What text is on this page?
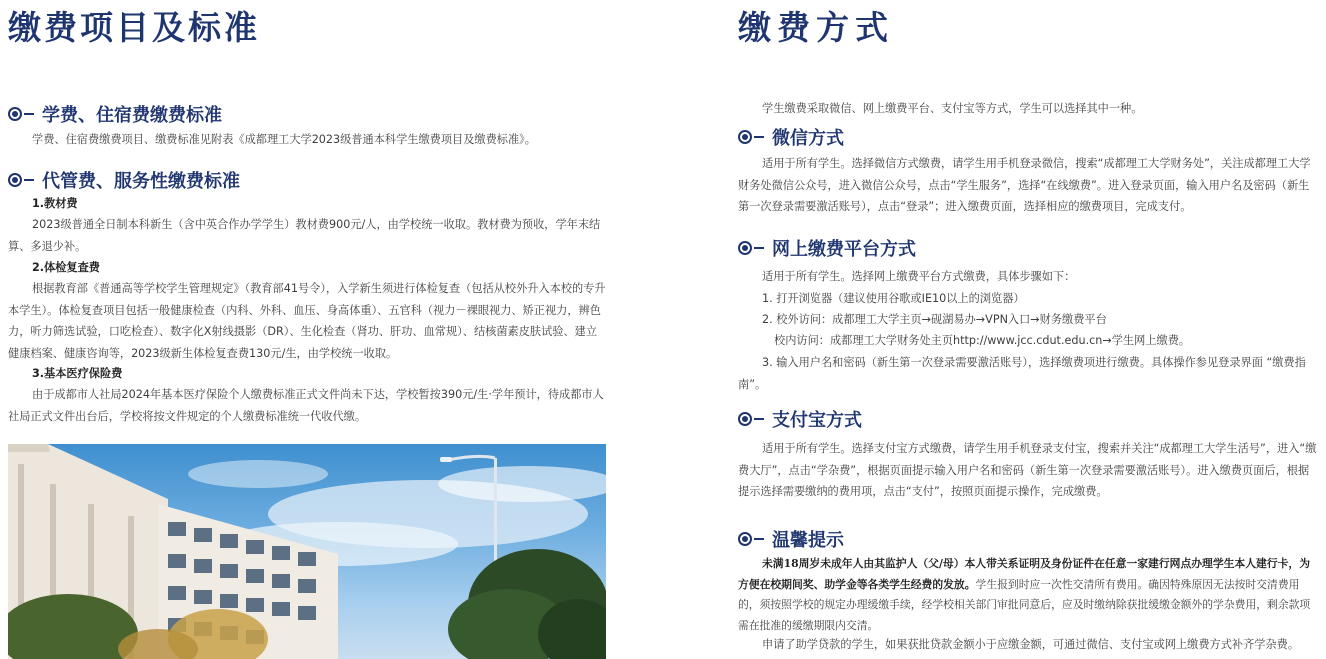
缴费项目及标准
学费、住宿费缴费标准
学费、住宿费缴费项目、缴费标准见附表《成都理工大学2023级普通本科学生缴费项目及缴费标准》。
代管费、服务性缴费标准
1.教材费
2023级普通全日制本科新生（含中英合作办学学生）教材费900元/人，由学校统一收取。教材费为预收，学年末结算、多退少补。
2.体检复查费
根据教育部《普通高等学校学生管理规定》（教育部41号令），入学新生须进行体检复查（包括从校外升入本校的专升本学生）。体检复查项目包括一般健康检查（内科、外科、血压、身高体重）、五官科（视力－裸眼视力、矫正视力，辨色力，听力筛选试验，口吃检查）、数字化X射线摄影（DR）、生化检查（肾功、肝功、血常规）、结核菌素皮肤试验、建立健康档案、健康咨询等，2023级新生体检复查费130元/生，由学校统一收取。
3.基本医疗保险费
由于成都市人社局2024年基本医疗保险个人缴费标准正式文件尚未下达，学校暂按390元/生·学年预计，待成都市人社局正式文件出台后，学校将按文件规定的个人缴费标准统一代收代缴。
缴费方式
学生缴费采取微信、网上缴费平台、支付宝等方式，学生可以选择其中一种。
微信方式
适用于所有学生。选择微信方式缴费，请学生用手机登录微信，搜索“成都理工大学财务处”，关注成都理工大学财务处微信公众号，进入微信公众号，点击“学生服务”，选择“在线缴费”。进入登录页面，输入用户名及密码（新生第一次登录需要激活账号），点击“登录”；进入缴费页面，选择相应的缴费项目，完成支付。
网上缴费平台方式
适用于所有学生。选择网上缴费平台方式缴费，具体步骤如下：
1. 打开浏览器（建议使用谷歌或IE10以上的浏览器）
2. 校外访问：成都理工大学主页→砚湖易办→VPN入口→财务缴费平台
校内访问：成都理工大学财务处主页http://www.jcc.cdut.edu.cn→学生网上缴费。
3. 输入用户名和密码（新生第一次登录需要激活账号），选择缴费项进行缴费。具体操作参见登录界面 “缴费指南”。
支付宝方式
适用于所有学生。选择支付宝方式缴费，请学生用手机登录支付宝，搜索并关注“成都理工大学生活号”，进入“缴费大厅”，点击“学杂费”，根据页面提示输入用户名和密码（新生第一次登录需要激活账号）。进入缴费页面后，根据提示选择需要缴纳的费用项，点击“支付”，按照页面提示操作，完成缴费。
温馨提示
未满18周岁未成年人由其监护人（父/母）本人带关系证明及身份证件在任意一家建行网点办理学生本人建行卡，为方便在校期间奖、助学金等各类学生经费的发放。学生报到时应一次性交清所有费用。确因特殊原因无法按时交清费用的，须按照学校的规定办理缓缴手续，经学校相关部门审批同意后，应及时缴纳除获批缓缴金额外的学杂费用，剩余款项需在批准的缓缴期限内交清。
申请了助学贷款的学生，如果获批贷款金额小于应缴金额，可通过微信、支付宝或网上缴费方式补齐学杂费。
